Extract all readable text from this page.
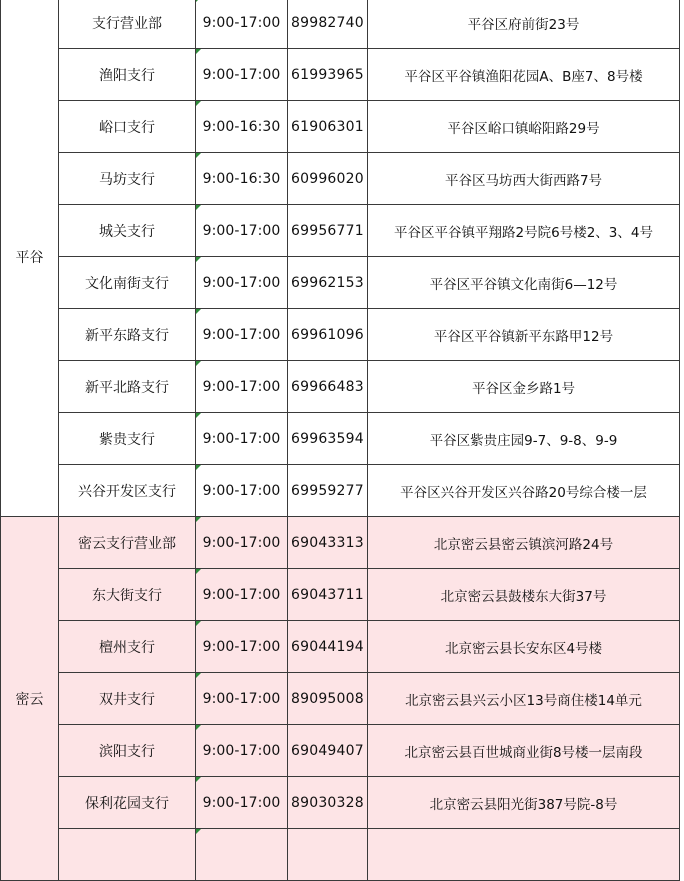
平谷	支行营业部	9:00-17:00	89982740	平谷区府前街23号
	渔阳支行	9:00-17:00	61993965	平谷区平谷镇渔阳花园A、B座7、8号楼
	峪口支行	9:00-16:30	61906301	平谷区峪口镇峪阳路29号
	马坊支行	9:00-16:30	60996020	平谷区马坊西大街西路7号
	城关支行	9:00-17:00	69956771	平谷区平谷镇平翔路2号院6号楼2、3、4号
	文化南街支行	9:00-17:00	69962153	平谷区平谷镇文化南街6—12号
	新平东路支行	9:00-17:00	69961096	平谷区平谷镇新平东路甲12号
	新平北路支行	9:00-17:00	69966483	平谷区金乡路1号
	紫贵支行	9:00-17:00	69963594	平谷区紫贵庄园9-7、9-8、9-9
	兴谷开发区支行	9:00-17:00	69959277	平谷区兴谷开发区兴谷路20号综合楼一层
密云	密云支行营业部	9:00-17:00	69043313	北京密云县密云镇滨河路24号
	东大街支行	9:00-17:00	69043711	北京密云县鼓楼东大街37号
	檀州支行	9:00-17:00	69044194	北京密云县长安东区4号楼
	双井支行	9:00-17:00	89095008	北京密云县兴云小区13号商住楼14单元
	滨阳支行	9:00-17:00	69049407	北京密云县百世城商业街8号楼一层南段
	保利花园支行	9:00-17:00	89030328	北京密云县阳光街387号院-8号
